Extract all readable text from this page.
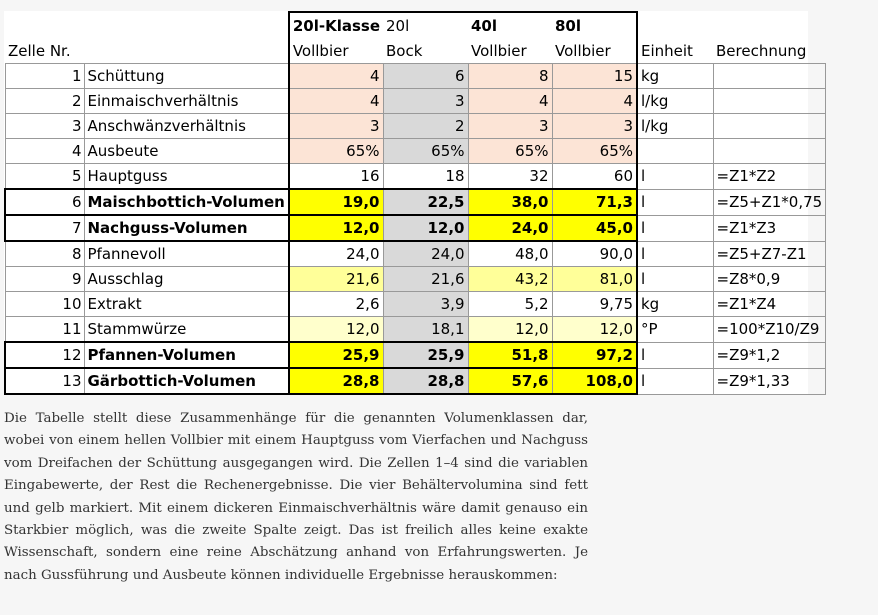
		20l-Klasse	20l	40l	80l		
Zelle Nr.		Vollbier	Bock	Vollbier	Vollbier	Einheit	Berechnung
1	Schüttung	4	6	8	15	kg	
2	Einmaischverhältnis	4	3	4	4	l/kg	
3	Anschwänzverhältnis	3	2	3	3	l/kg	
4	Ausbeute	65%	65%	65%	65%		
5	Hauptguss	16	18	32	60	l	=Z1*Z2
6	Maischbottich-Volumen	19,0	22,5	38,0	71,3	l	=Z5+Z1*0,75
7	Nachguss-Volumen	12,0	12,0	24,0	45,0	l	=Z1*Z3
8	Pfannevoll	24,0	24,0	48,0	90,0	l	=Z5+Z7-Z1
9	Ausschlag	21,6	21,6	43,2	81,0	l	=Z8*0,9
10	Extrakt	2,6	3,9	5,2	9,75	kg	=Z1*Z4
11	Stammwürze	12,0	18,1	12,0	12,0	°P	=100*Z10/Z9
12	Pfannen-Volumen	25,9	25,9	51,8	97,2	l	=Z9*1,2
13	Gärbottich-Volumen	28,8	28,8	57,6	108,0	l	=Z9*1,33

Die Tabelle stellt diese Zusammenhänge für die genannten Volumenklassen dar, wobei von einem hellen Vollbier mit einem Hauptguss vom Vierfachen und Nachguss vom Dreifachen der Schüttung ausgegangen wird. Die Zellen 1–4 sind die variablen Eingabewerte, der Rest die Rechenergebnisse. Die vier Behältervolumina sind fett und gelb markiert. Mit einem dickeren Einmaischverhältnis wäre damit genauso ein Starkbier möglich, was die zweite Spalte zeigt. Das ist freilich alles keine exakte Wissenschaft, sondern eine reine Abschätzung anhand von Erfahrungswerten. Je nach Gussführung und Ausbeute können individuelle Ergebnisse herauskommen:
